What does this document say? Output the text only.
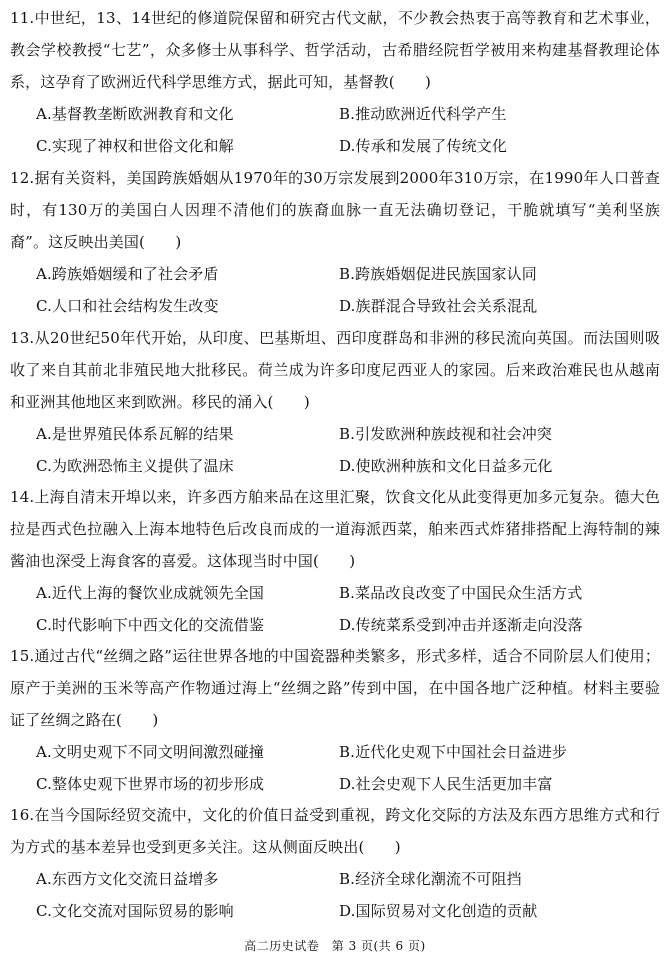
11.中世纪，13、14世纪的修道院保留和研究古代文献，不少教会热衷于高等教育和艺术事业，教会学校教授“七艺”，众多修士从事科学、哲学活动，古希腊经院哲学被用来构建基督教理论体系，这孕育了欧洲近代科学思维方式，据此可知，基督教(　　)

A.基督教垄断欧洲教育和文化	B.推动欧洲近代科学产生
C.实现了神权和世俗文化和解	D.传承和发展了传统文化

12.据有关资料，美国跨族婚姻从1970年的30万宗发展到2000年310万宗，在1990年人口普查时，有130万的美国白人因理不清他们的族裔血脉一直无法确切登记，干脆就填写“美利坚族裔”。这反映出美国(　　)

A.跨族婚姻缓和了社会矛盾	B.跨族婚姻促进民族国家认同
C.人口和社会结构发生改变	D.族群混合导致社会关系混乱

13.从20世纪50年代开始，从印度、巴基斯坦、西印度群岛和非洲的移民流向英国。而法国则吸收了来自其前北非殖民地大批移民。荷兰成为许多印度尼西亚人的家园。后来政治难民也从越南和亚洲其他地区来到欧洲。移民的涌入(　　)

A.是世界殖民体系瓦解的结果	B.引发欧洲种族歧视和社会冲突
C.为欧洲恐怖主义提供了温床	D.使欧洲种族和文化日益多元化

14.上海自清末开埠以来，许多西方舶来品在这里汇聚，饮食文化从此变得更加多元复杂。德大色拉是西式色拉融入上海本地特色后改良而成的一道海派西菜，舶来西式炸猪排搭配上海特制的辣酱油也深受上海食客的喜爱。这体现当时中国(　　)

A.近代上海的餐饮业成就领先全国	B.菜品改良改变了中国民众生活方式
C.时代影响下中西文化的交流借鉴	D.传统菜系受到冲击并逐渐走向没落

15.通过古代“丝绸之路”运往世界各地的中国瓷器种类繁多，形式多样，适合不同阶层人们使用；原产于美洲的玉米等高产作物通过海上“丝绸之路”传到中国，在中国各地广泛种植。材料主要验证了丝绸之路在(　　)

A.文明史观下不同文明间激烈碰撞	B.近代化史观下中国社会日益进步
C.整体史观下世界市场的初步形成	D.社会史观下人民生活更加丰富

16.在当今国际经贸交流中，文化的价值日益受到重视，跨文化交际的方法及东西方思维方式和行为方式的基本差异也受到更多关注。这从侧面反映出(　　)

A.东西方文化交流日益增多	B.经济全球化潮流不可阻挡
C.文化交流对国际贸易的影响	D.国际贸易对文化创造的贡献
高二历史试卷　第 3 页(共 6 页)
